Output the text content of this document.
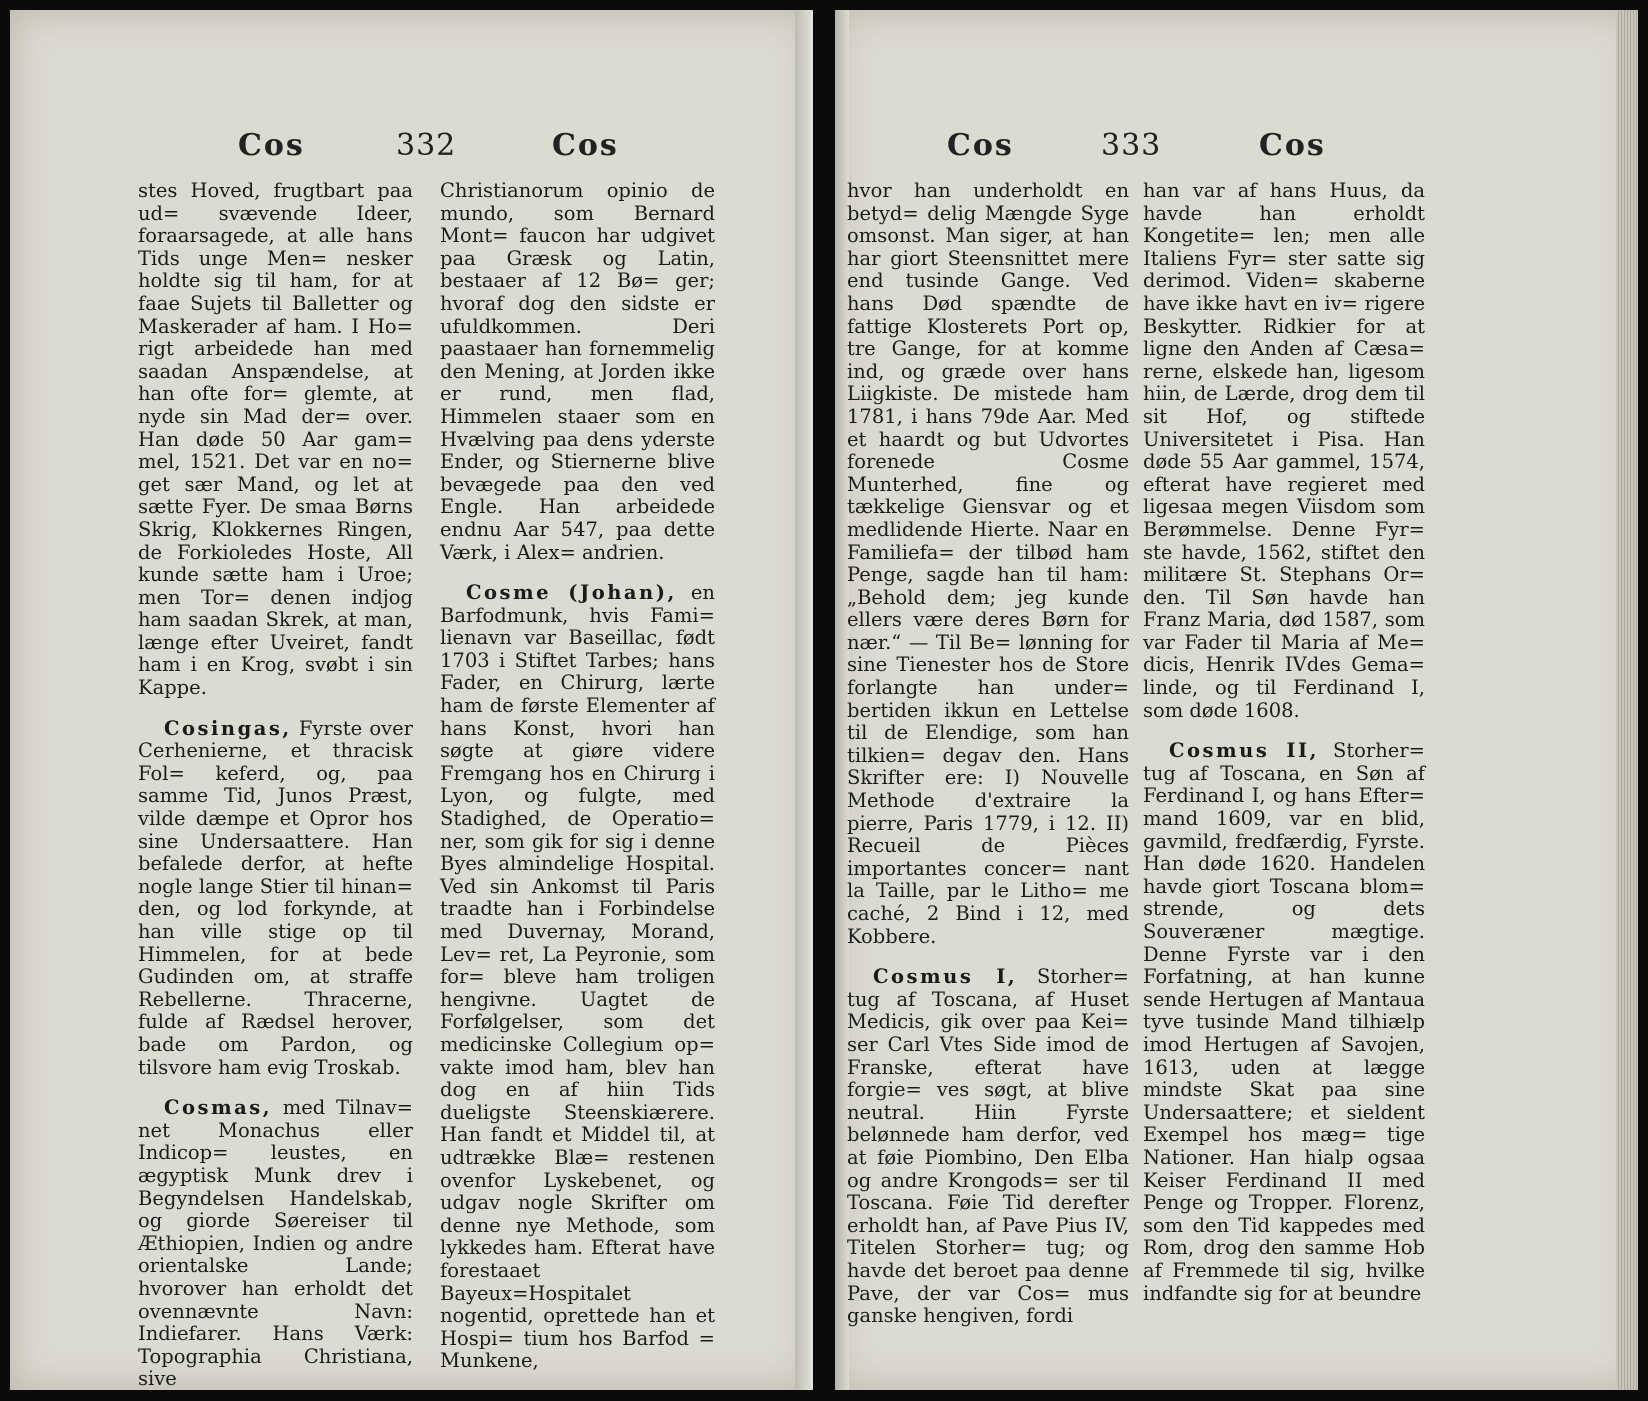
Cos	332	Cos

stes Hoved, frugtbart paa ud= svævende Ideer, foraarsagede, at alle hans Tids unge Men= nesker holdte sig til ham, for at faae Sujets til Balletter og Maskerader af ham. I Ho= rigt arbeidede han med saadan Anspændelse, at han ofte for= glemte, at nyde sin Mad der= over. Han døde 50 Aar gam= mel, 1521. Det var en no= get sær Mand, og let at sætte Fyer. De smaa Børns Skrig, Klokkernes Ringen, de Forkioledes Hoste, All kunde sætte ham i Uroe; men Tor= denen indjog ham saadan Skrek, at man, længe efter Uveiret, fandt ham i en Krog, svøbt i sin Kappe.

Cosingas, Fyrste over Cerhenierne, et thracisk Fol= keferd, og, paa samme Tid, Junos Præst, vilde dæmpe et Opror hos sine Undersaattere. Han befalede derfor, at hefte nogle lange Stier til hinan= den, og lod forkynde, at han ville stige op til Himmelen, for at bede Gudinden om, at straffe Rebellerne. Thracerne, fulde af Rædsel herover, bade om Pardon, og tilsvore ham evig Troskab.

Cosmas, med Tilnav= net Monachus eller Indicop= leustes, en ægyptisk Munk drev i Begyndelsen Handelskab, og giorde Søereiser til Æthiopien, Indien og andre orientalske Lande; hvorover han erholdt det ovennævnte Navn: Indiefarer. Hans Værk: Topographia Christiana, sive

Christianorum opinio de mundo, som Bernard Mont= faucon har udgivet paa Græsk og Latin, bestaaer af 12 Bø= ger; hvoraf dog den sidste er ufuldkommen. Deri paastaaer han fornemmelig den Mening, at Jorden ikke er rund, men flad, Himmelen staaer som en Hvælving paa dens yderste Ender, og Stiernerne blive bevægede paa den ved Engle. Han arbeidede endnu Aar 547, paa dette Værk, i Alex= andrien.

Cosme (Johan), en Barfodmunk, hvis Fami= lienavn var Baseillac, født 1703 i Stiftet Tarbes; hans Fader, en Chirurg, lærte ham de første Elementer af hans Konst, hvori han søgte at giøre videre Fremgang hos en Chirurg i Lyon, og fulgte, med Stadighed, de Operatio= ner, som gik for sig i denne Byes almindelige Hospital. Ved sin Ankomst til Paris traadte han i Forbindelse med Duvernay, Morand, Lev= ret, La Peyronie, som for= bleve ham troligen hengivne. Uagtet de Forfølgelser, som det medicinske Collegium op= vakte imod ham, blev han dog en af hiin Tids dueligste Steenskiærere. Han fandt et Middel til, at udtrække Blæ= restenen ovenfor Lyskebenet, og udgav nogle Skrifter om denne nye Methode, som lykkedes ham. Efterat have forestaaet Bayeux=Hospitalet nogentid, oprettede han et Hospi= tium hos Barfod = Munkene,

Cos	333	Cos

hvor han underholdt en betyd= delig Mængde Syge omsonst. Man siger, at han har giort Steensnittet mere end tusinde Gange. Ved hans Død spændte de fattige Klosterets Port op, tre Gange, for at komme ind, og græde over hans Liigkiste. De mistede ham 1781, i hans 79de Aar. Med et haardt og but Udvortes forenede Cosme Munterhed, fine og tækkelige Giensvar og et medlidende Hierte. Naar en Familiefa= der tilbød ham Penge, sagde han til ham: „Behold dem; jeg kunde ellers være deres Børn for nær.“ — Til Be= lønning for sine Tienester hos de Store forlangte han under= bertiden ikkun en Lettelse til de Elendige, som han tilkien= degav den. Hans Skrifter ere: I) Nouvelle Methode d'extraire la pierre, Paris 1779, i 12. II) Recueil de Pièces importantes concer= nant la Taille, par le Litho= me caché, 2 Bind i 12, med Kobbere.

Cosmus I, Storher= tug af Toscana, af Huset Medicis, gik over paa Kei= ser Carl Vtes Side imod de Franske, efterat have forgie= ves søgt, at blive neutral. Hiin Fyrste belønnede ham derfor, ved at føie Piombino, Den Elba og andre Krongods= ser til Toscana. Føie Tid derefter erholdt han, af Pave Pius IV, Titelen Storher= tug; og havde det beroet paa denne Pave, der var Cos= mus ganske hengiven, fordi

han var af hans Huus, da havde han erholdt Kongetite= len; men alle Italiens Fyr= ster satte sig derimod. Viden= skaberne have ikke havt en iv= rigere Beskytter. Ridkier for at ligne den Anden af Cæsa= rerne, elskede han, ligesom hiin, de Lærde, drog dem til sit Hof, og stiftede Universitetet i Pisa. Han døde 55 Aar gammel, 1574, efterat have regieret med ligesaa megen Viisdom som Berømmelse. Denne Fyr= ste havde, 1562, stiftet den militære St. Stephans Or= den. Til Søn havde han Franz Maria, død 1587, som var Fader til Maria af Me= dicis, Henrik IVdes Gema= linde, og til Ferdinand I, som døde 1608.

Cosmus II, Storher= tug af Toscana, en Søn af Ferdinand I, og hans Efter= mand 1609, var en blid, gavmild, fredfærdig, Fyrste. Han døde 1620. Handelen havde giort Toscana blom= strende, og dets Souveræner mægtige. Denne Fyrste var i den Forfatning, at han kunne sende Hertugen af Mantaua tyve tusinde Mand tilhiælp imod Hertugen af Savojen, 1613, uden at lægge mindste Skat paa sine Undersaattere; et sieldent Exempel hos mæg= tige Nationer. Han hialp ogsaa Keiser Ferdinand II med Penge og Tropper. Florenz, som den Tid kappedes med Rom, drog den samme Hob af Fremmede til sig, hvilke indfandte sig for at beundre
